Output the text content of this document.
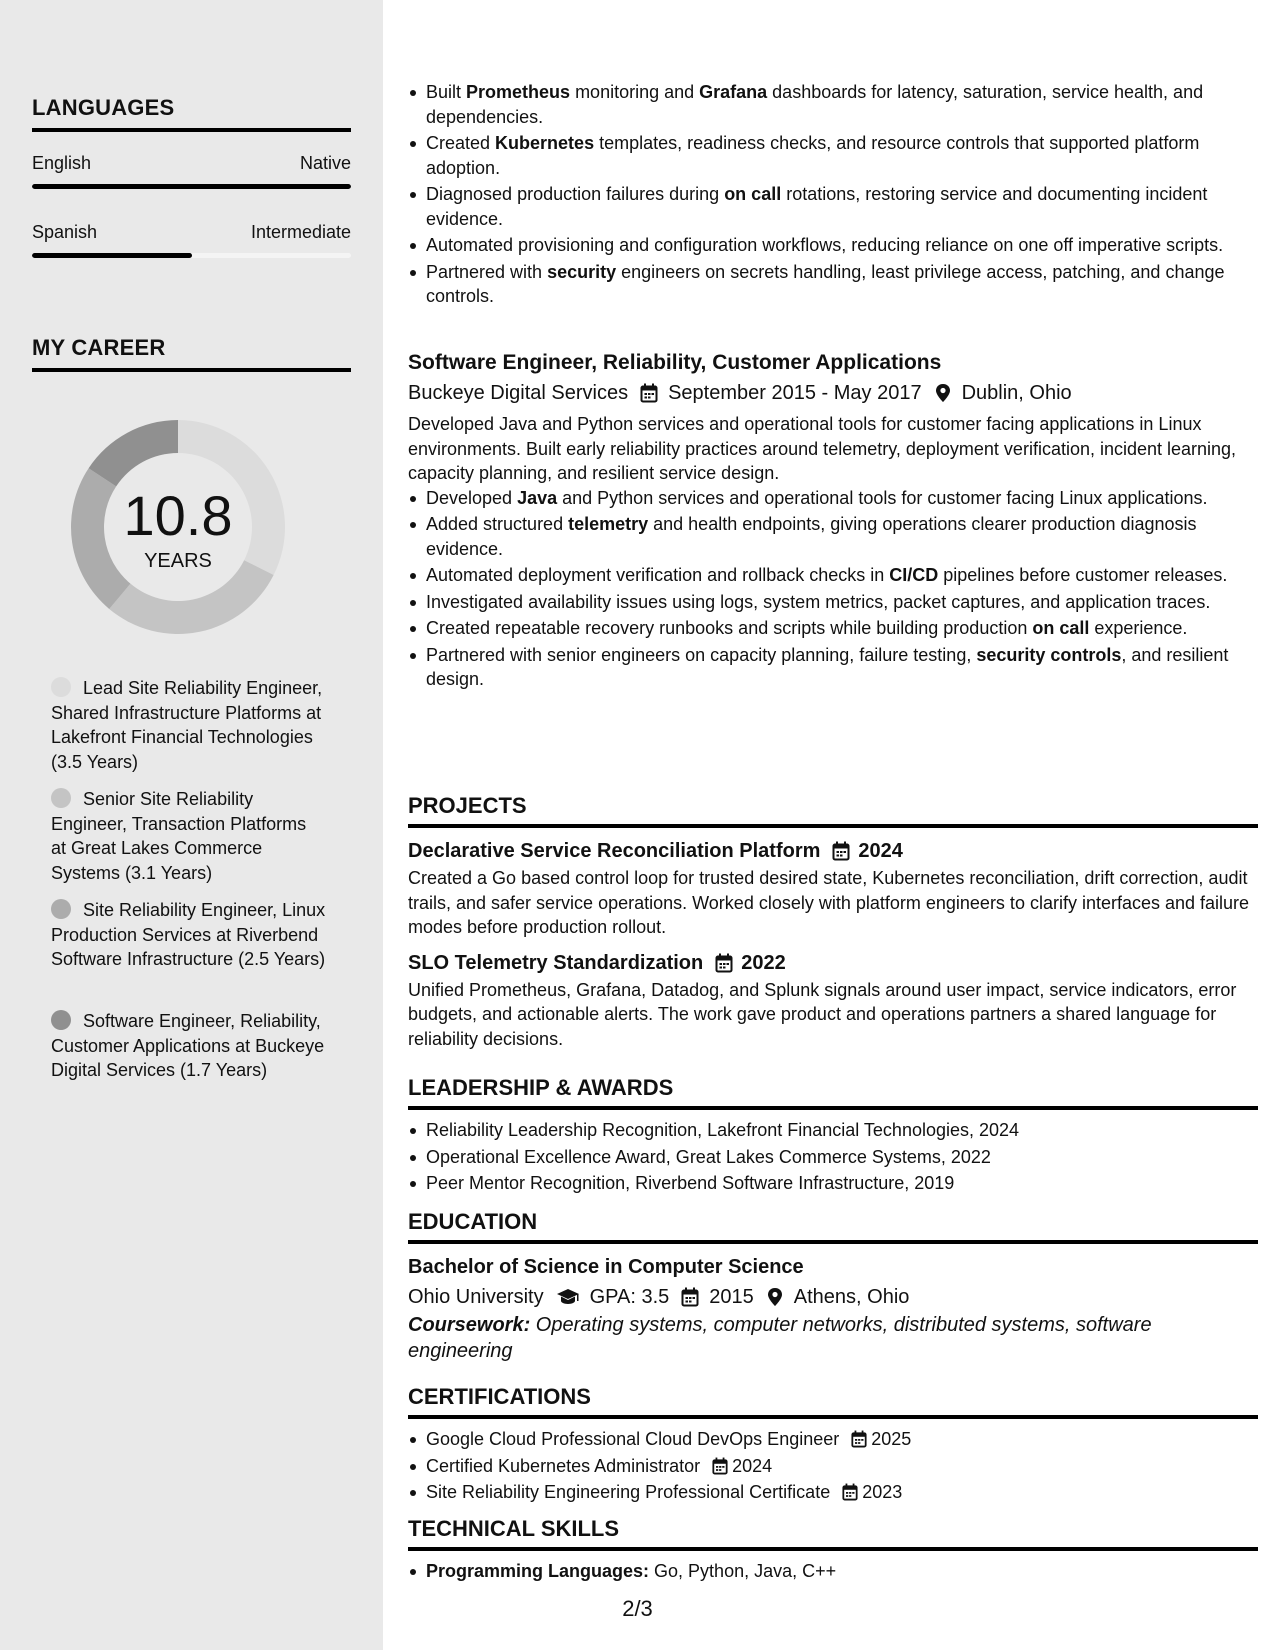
LANGUAGES
English	Native
Spanish	Intermediate
MY CAREER
10.8
YEARS
Lead Site Reliability Engineer, Shared Infrastructure Platforms at Lakefront Financial Technologies (3.5 Years)
Senior Site Reliability Engineer, Transaction Platforms at Great Lakes Commerce Systems (3.1 Years)
Site Reliability Engineer, Linux Production Services at Riverbend Software Infrastructure (2.5 Years)
Software Engineer, Reliability, Customer Applications at Buckeye Digital Services (1.7 Years)
Built Prometheus monitoring and Grafana dashboards for latency, saturation, service health, and dependencies.
Created Kubernetes templates, readiness checks, and resource controls that supported platform adoption.
Diagnosed production failures during on call rotations, restoring service and documenting incident evidence.
Automated provisioning and configuration workflows, reducing reliance on one off imperative scripts.
Partnered with security engineers on secrets handling, least privilege access, patching, and change controls.
Software Engineer, Reliability, Customer Applications
Buckeye Digital Services September 2015 - May 2017 Dublin, Ohio
Developed Java and Python services and operational tools for customer facing applications in Linux environments. Built early reliability practices around telemetry, deployment verification, incident learning, capacity planning, and resilient service design.
Developed Java and Python services and operational tools for customer facing Linux applications.
Added structured telemetry and health endpoints, giving operations clearer production diagnosis evidence.
Automated deployment verification and rollback checks in CI/CD pipelines before customer releases.
Investigated availability issues using logs, system metrics, packet captures, and application traces.
Created repeatable recovery runbooks and scripts while building production on call experience.
Partnered with senior engineers on capacity planning, failure testing, security controls, and resilient design.
PROJECTS
Declarative Service Reconciliation Platform 2024
Created a Go based control loop for trusted desired state, Kubernetes reconciliation, drift correction, audit trails, and safer service operations. Worked closely with platform engineers to clarify interfaces and failure modes before production rollout.
SLO Telemetry Standardization 2022
Unified Prometheus, Grafana, Datadog, and Splunk signals around user impact, service indicators, error budgets, and actionable alerts. The work gave product and operations partners a shared language for reliability decisions.
LEADERSHIP & AWARDS
Reliability Leadership Recognition, Lakefront Financial Technologies, 2024
Operational Excellence Award, Great Lakes Commerce Systems, 2022
Peer Mentor Recognition, Riverbend Software Infrastructure, 2019
EDUCATION
Bachelor of Science in Computer Science
Ohio University GPA: 3.5 2015 Athens, Ohio
Coursework: Operating systems, computer networks, distributed systems, software engineering
CERTIFICATIONS
Google Cloud Professional Cloud DevOps Engineer 2025
Certified Kubernetes Administrator 2024
Site Reliability Engineering Professional Certificate 2023
TECHNICAL SKILLS
Programming Languages: Go, Python, Java, C++
2/3
